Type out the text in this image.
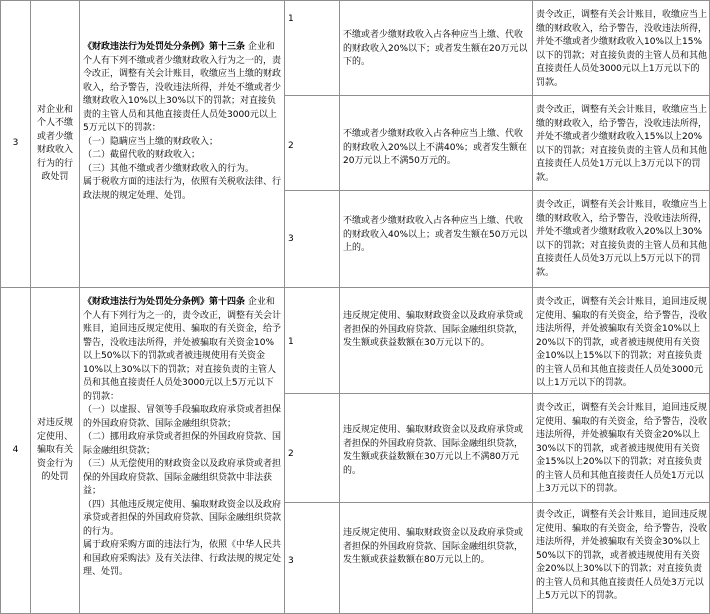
3
对企业和个人不缴或者少缴财政收入行为的行政处罚

《财政违法行为处罚处分条例》第十三条 企业和个人有下列不缴或者少缴财政收入行为之一的，责令改正，调整有关会计账目，收缴应当上缴的财政收入，给予警告，没收违法所得，并处不缴或者少缴财政收入10%以上30%以下的罚款；对直接负责的主管人员和其他直接责任人员处3000元以上5万元以下的罚款：
（一）隐瞒应当上缴的财政收入；
（二）截留代收的财政收入；
（三）其他不缴或者少缴财政收入的行为。
属于税收方面的违法行为，依照有关税收法律、行政法规的规定处理、处罚。

1
不缴或者少缴财政收入占各种应当上缴、代收的财政收入20%以下；或者发生额在20万元以下的。
责令改正，调整有关会计账目，收缴应当上缴的财政收入，给予警告，没收违法所得，并处不缴或者少缴财政收入10%以上15%以下的罚款；对直接负责的主管人员和其他直接责任人员处3000元以上1万元以下的罚款。
2
不缴或者少缴财政收入占各种应当上缴、代收的财政收入20%以上不满40%；或者发生额在20万元以上不满50万元的。
责令改正，调整有关会计账目，收缴应当上缴的财政收入，给予警告，没收违法所得，并处不缴或者少缴财政收入15%以上20%以下的罚款；对直接负责的主管人员和其他直接责任人员处1万元以上3万元以下的罚款。
3
不缴或者少缴财政收入占各种应当上缴、代收的财政收入40%以上；或者发生额在50万元以上的。
责令改正，调整有关会计账目，收缴应当上缴的财政收入，给予警告，没收违法所得，并处不缴或者少缴财政收入20%以上30%以下的罚款；对直接负责的主管人员和其他直接责任人员处3万元以上5万元以下的罚款。
4
对违反规定使用、骗取有关资金行为的处罚

《财政违法行为处罚处分条例》第十四条 企业和个人有下列行为之一的，责令改正，调整有关会计账目，追回违反规定使用、骗取的有关资金，给予警告，没收违法所得，并处被骗取有关资金10%以上50%以下的罚款或者被违规使用有关资金10%以上30%以下的罚款；对直接负责的主管人员和其他直接责任人员处3000元以上5万元以下的罚款：
（一）以虚报、冒领等手段骗取政府承贷或者担保的外国政府贷款、国际金融组织贷款；
（二）挪用政府承贷或者担保的外国政府贷款、国际金融组织贷款；
（三）从无偿使用的财政资金以及政府承贷或者担保的外国政府贷款、国际金融组织贷款中非法获益；
（四）其他违反规定使用、骗取财政资金以及政府承贷或者担保的外国政府贷款、国际金融组织贷款的行为。
属于政府采购方面的违法行为，依照《中华人民共和国政府采购法》及有关法律、行政法规的规定处理、处罚。

1
违反规定使用、骗取财政资金以及政府承贷或者担保的外国政府贷款、国际金融组织贷款，发生额或获益数额在30万元以下的。
责令改正，调整有关会计账目，追回违反规定使用、骗取的有关资金，给予警告，没收违法所得，并处被骗取有关资金10%以上20%以下的罚款，或者被违规使用有关资金10%以上15%以下的罚款；对直接负责的主管人员和其他直接责任人员处3000元以上1万元以下的罚款。
2
违反规定使用、骗取财政资金以及政府承贷或者担保的外国政府贷款、国际金融组织贷款，发生额或获益数额在30万元以上不满80万元的。
责令改正，调整有关会计账目，追回违反规定使用、骗取的有关资金，给予警告，没收违法所得，并处被骗取有关资金20%以上30%以下的罚款，或者被违规使用有关资金15%以上20%以下的罚款；对直接负责的主管人员和其他直接责任人员处1万元以上3万元以下的罚款。
3
违反规定使用、骗取财政资金以及政府承贷或者担保的外国政府贷款、国际金融组织贷款，发生额或获益数额在80万元以上的。
责令改正，调整有关会计账目，追回违反规定使用、骗取的有关资金，给予警告，没收违法所得，并处被骗取有关资金30%以上50%以下的罚款，或者被违规使用有关资金20%以上30%以下的罚款；对直接负责的主管人员和其他直接责任人员处3万元以上5万元以下的罚款。
